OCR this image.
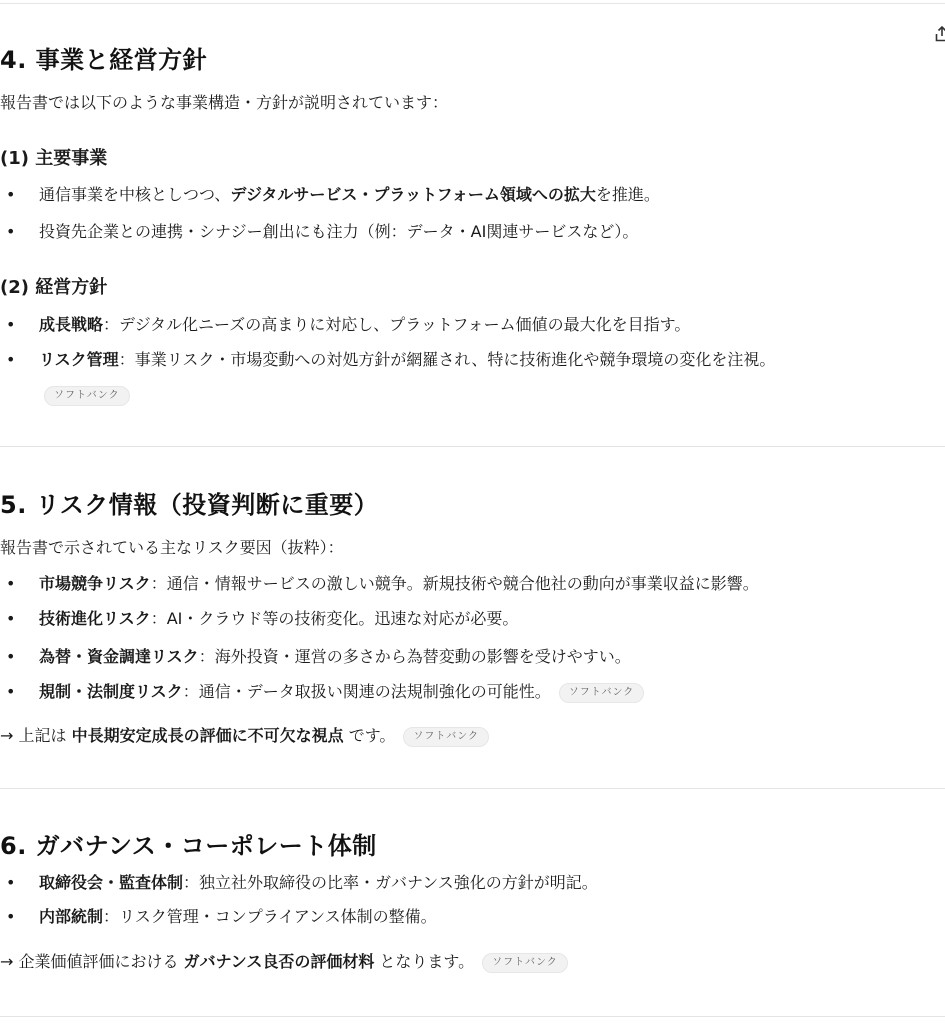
4. 事業と経営方針
報告書では以下のような事業構造・方針が説明されています：
(1) 主要事業
• 通信事業を中核としつつ、デジタルサービス・プラットフォーム領域への拡大を推進。
• 投資先企業との連携・シナジー創出にも注力（例：データ・AI関連サービスなど）。
(2) 経営方針
• 成長戦略：デジタル化ニーズの高まりに対応し、プラットフォーム価値の最大化を目指す。
• リスク管理：事業リスク・市場変動への対処方針が網羅され、特に技術進化や競争環境の変化を注視。
ソフトバンク
5. リスク情報（投資判断に重要）
報告書で示されている主なリスク要因（抜粋）：
• 市場競争リスク：通信・情報サービスの激しい競争。新規技術や競合他社の動向が事業収益に影響。
• 技術進化リスク：AI・クラウド等の技術変化。迅速な対応が必要。
• 為替・資金調達リスク：海外投資・運営の多さから為替変動の影響を受けやすい。
• 規制・法制度リスク：通信・データ取扱い関連の法規制強化の可能性。 ソフトバンク
→ 上記は 中長期安定成長の評価に不可欠な視点 です。 ソフトバンク
6. ガバナンス・コーポレート体制
• 取締役会・監査体制：独立社外取締役の比率・ガバナンス強化の方針が明記。
• 内部統制：リスク管理・コンプライアンス体制の整備。
→ 企業価値評価における ガバナンス良否の評価材料 となります。 ソフトバンク
